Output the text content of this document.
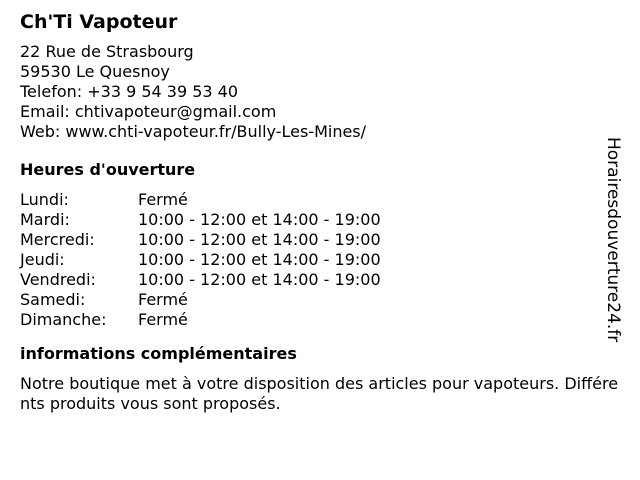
Ch'Ti Vapoteur
22 Rue de Strasbourg
59530 Le Quesnoy
Telefon: +33 9 54 39 53 40
Email: chtivapoteur@gmail.com
Web: www.chti-vapoteur.fr/Bully-Les-Mines/
Heures d'ouverture
Lundi:	Fermé
Mardi:	10:00 - 12:00 et 14:00 - 19:00
Mercredi:	10:00 - 12:00 et 14:00 - 19:00
Jeudi:	10:00 - 12:00 et 14:00 - 19:00
Vendredi:	10:00 - 12:00 et 14:00 - 19:00
Samedi:	Fermé
Dimanche:	Fermé
informations complémentaires
Notre boutique met à votre disposition des articles pour vapoteurs. Différents produits vous sont proposés.
Horairesdouverture24.fr
